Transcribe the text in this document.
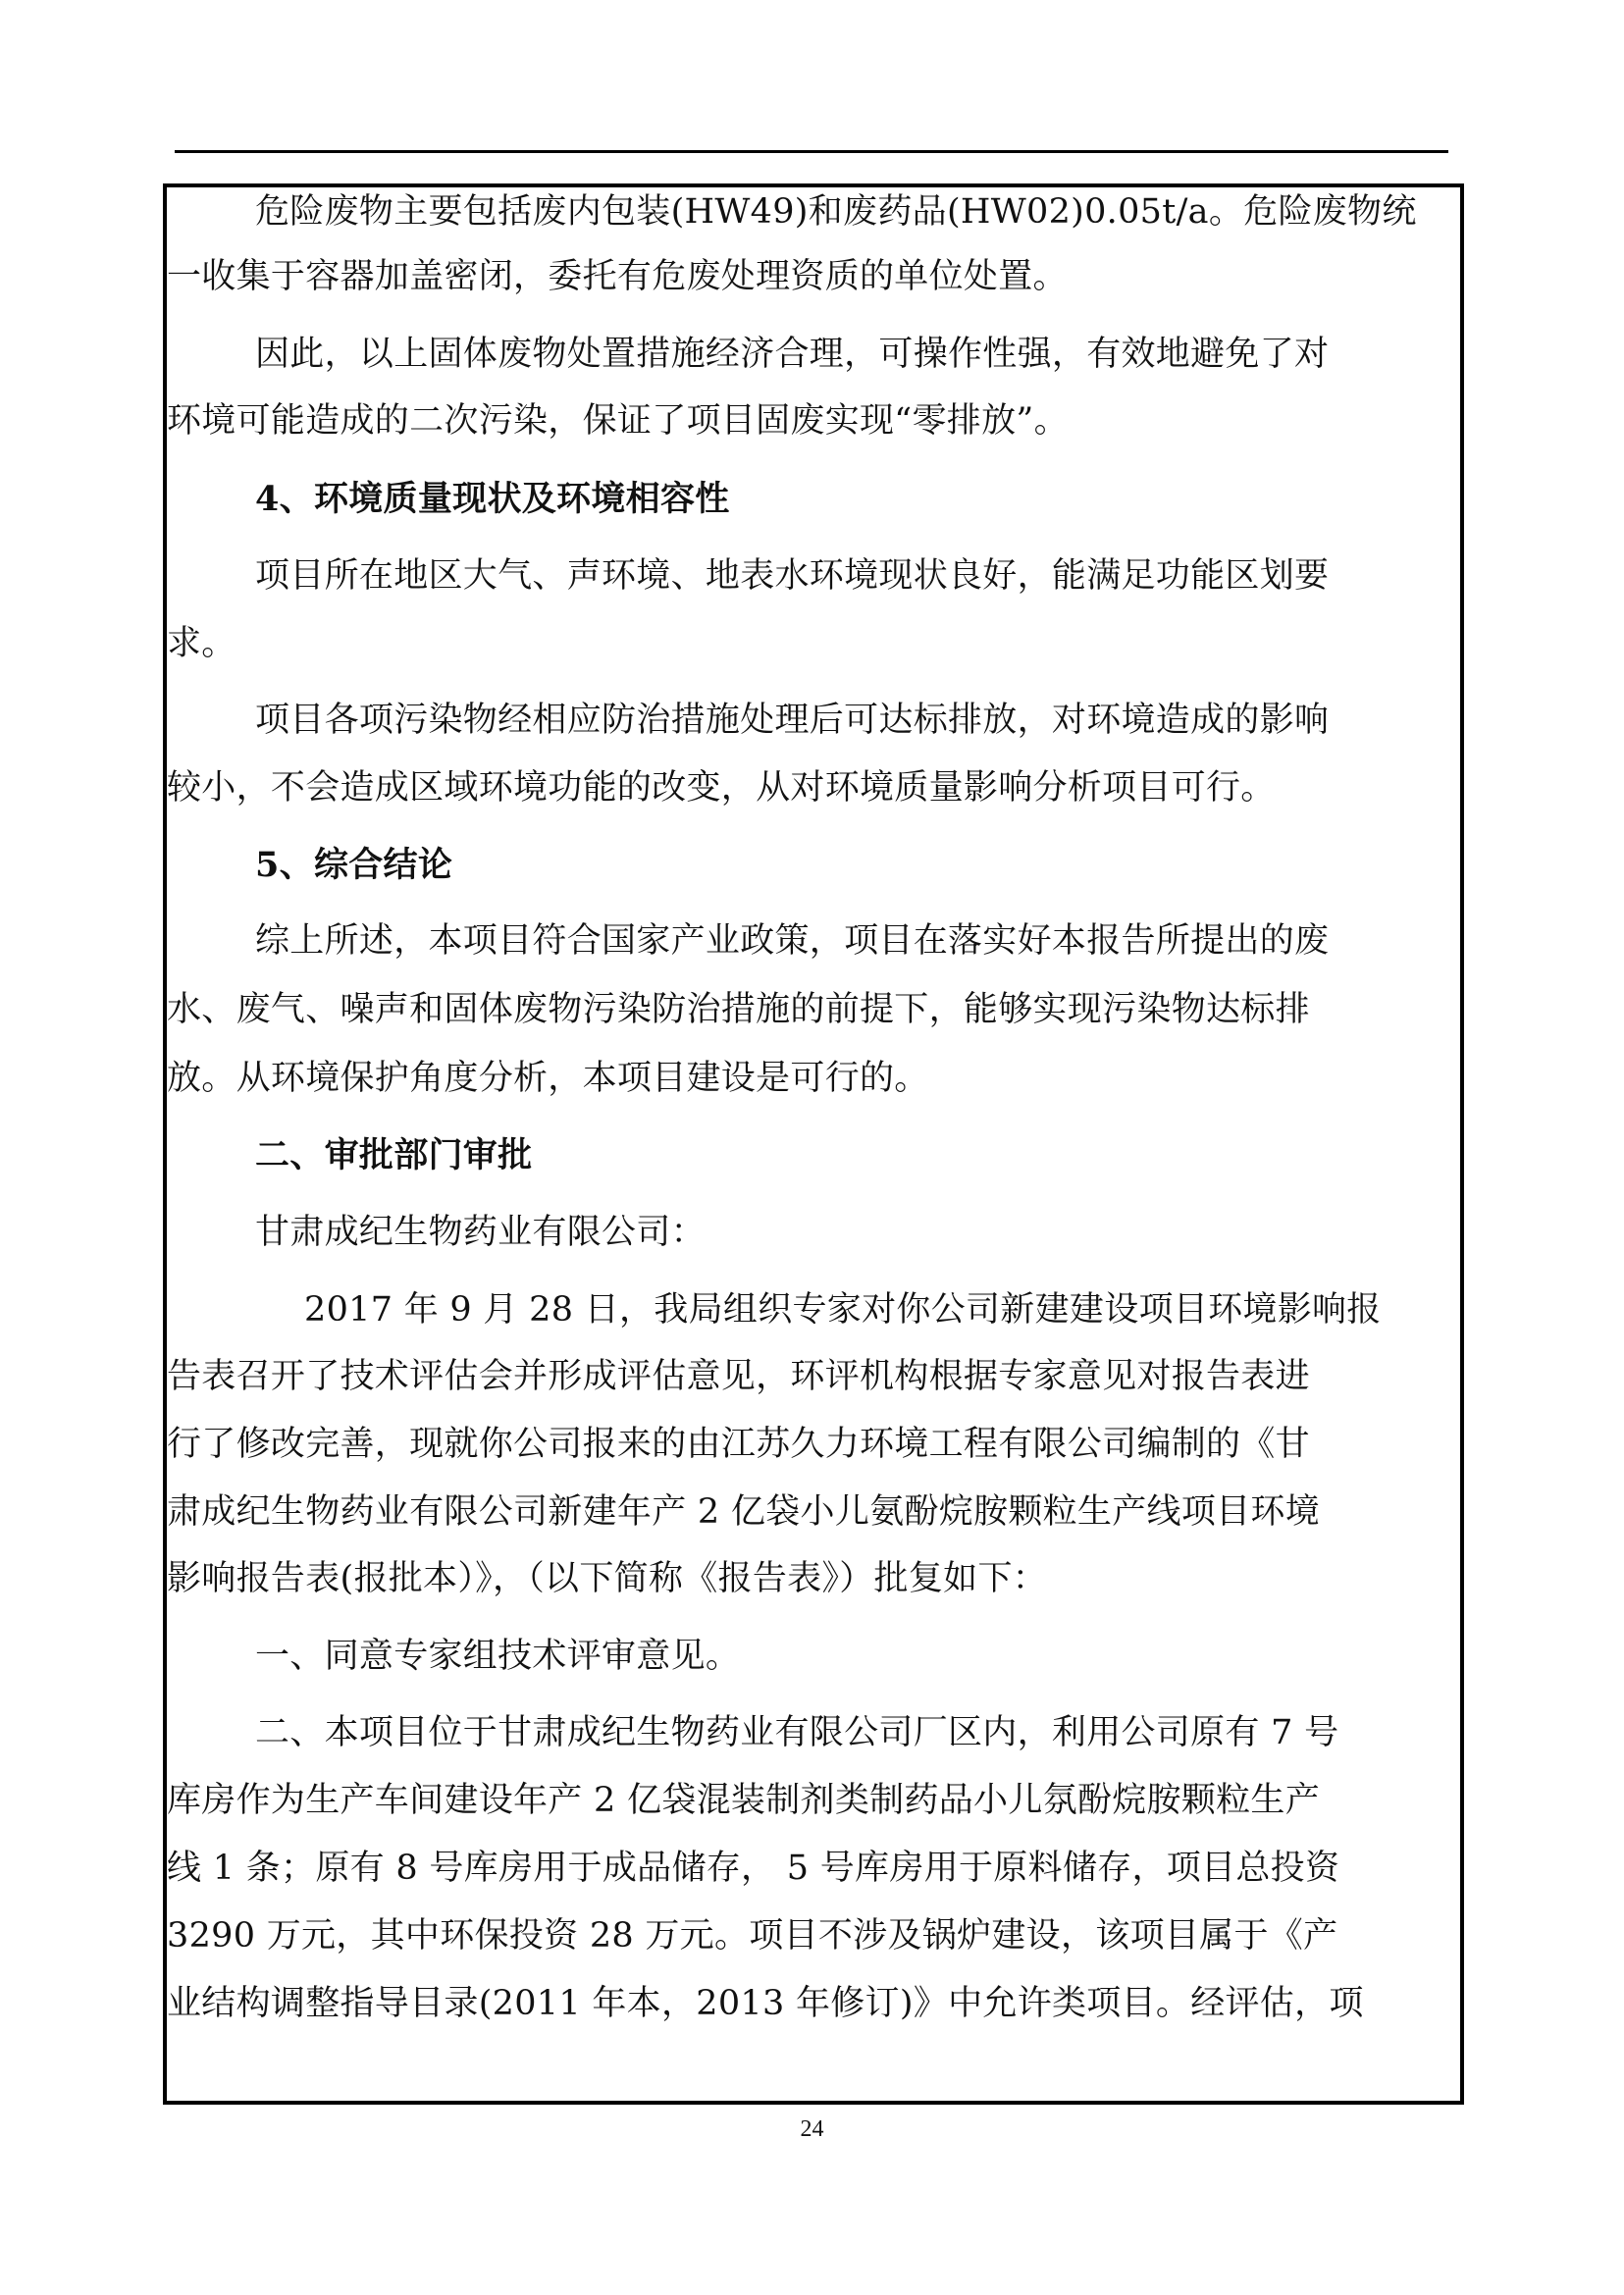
危险废物主要包括废内包装(HW49)和废药品(HW02)0.05t/a。危险废物统
一收集于容器加盖密闭，委托有危废处理资质的单位处置。
因此，以上固体废物处置措施经济合理，可操作性强，有效地避免了对
环境可能造成的二次污染，保证了项目固废实现“零排放”。
4、环境质量现状及环境相容性
项目所在地区大气、声环境、地表水环境现状良好，能满足功能区划要
求。
项目各项污染物经相应防治措施处理后可达标排放，对环境造成的影响
较小，不会造成区域环境功能的改变，从对环境质量影响分析项目可行。
5、综合结论
综上所述，本项目符合国家产业政策，项目在落实好本报告所提出的废
水、废气、噪声和固体废物污染防治措施的前提下，能够实现污染物达标排
放。从环境保护角度分析，本项目建设是可行的。
二、审批部门审批
甘肃成纪生物药业有限公司：
2017 年 9 月 28 日，我局组织专家对你公司新建建设项目环境影响报
告表召开了技术评估会并形成评估意见，环评机构根据专家意见对报告表进
行了修改完善，现就你公司报来的由江苏久力环境工程有限公司编制的《甘
肃成纪生物药业有限公司新建年产 2 亿袋小儿氨酚烷胺颗粒生产线项目环境
影响报告表(报批本）》，（以下简称《报告表》）批复如下：
一、同意专家组技术评审意见。
二、本项目位于甘肃成纪生物药业有限公司厂区内，利用公司原有 7 号
库房作为生产车间建设年产 2 亿袋混装制剂类制药品小儿氛酚烷胺颗粒生产
线 1 条；原有 8 号库房用于成品储存， 5 号库房用于原料储存，项目总投资
3290 万元，其中环保投资 28 万元。项目不涉及锅炉建设，该项目属于《产
业结构调整指导目录(2011 年本，2013 年修订)》中允许类项目。经评估，项
24
